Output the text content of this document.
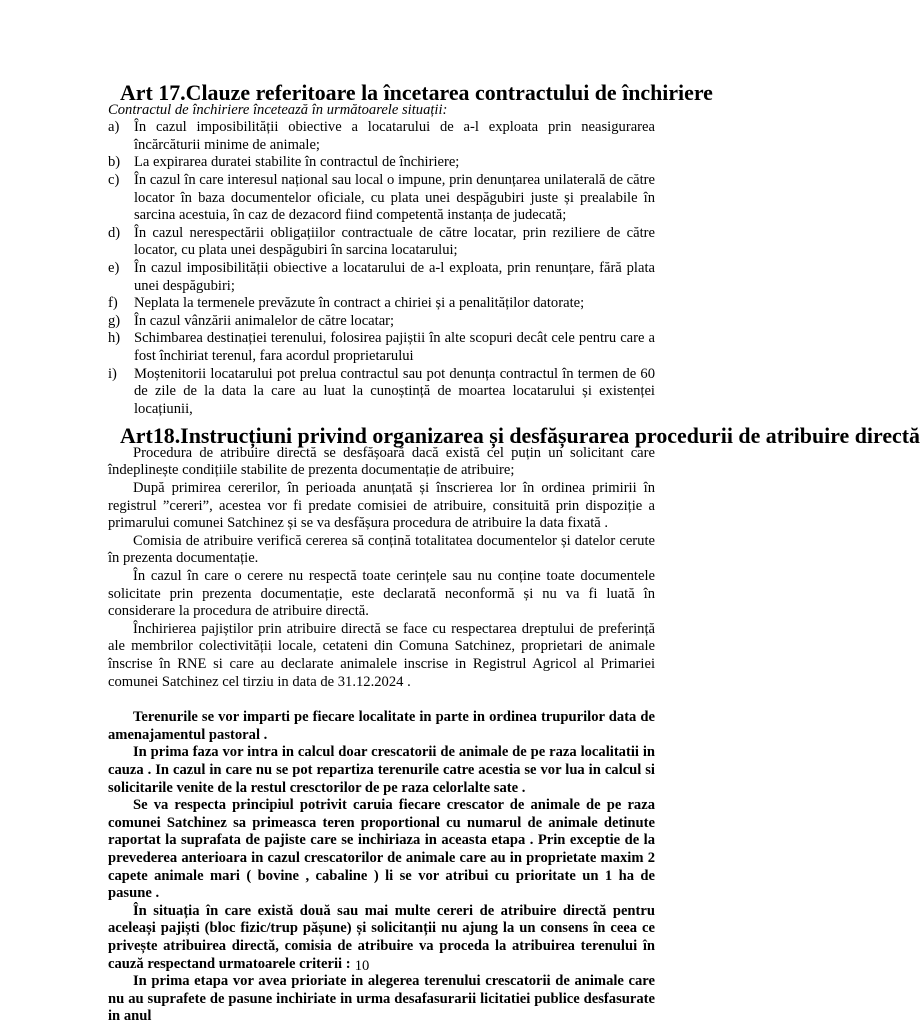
Art 17.Clauze referitoare la încetarea contractului de închiriere
Contractul de închiriere încetează în următoarele situații:
a) În cazul imposibilității obiective a locatarului de a-l exploata prin neasigurarea încărcăturii minime de animale;
b) La expirarea duratei stabilite în contractul de închiriere;
c) În cazul în care interesul național sau local o impune, prin denunțarea unilaterală de către locator în baza documentelor oficiale, cu plata unei despăgubiri juste și prealabile în sarcina acestuia, în caz de dezacord fiind competentă instanța de judecată;
d) În cazul nerespectării obligațiilor contractuale de către locatar, prin reziliere de către locator, cu plata unei despăgubiri în sarcina locatarului;
e) În cazul imposibilității obiective a locatarului de a-l exploata, prin renunțare, fără plata unei despăgubiri;
f) Neplata la termenele prevăzute în contract a chiriei și a penalităților datorate;
g) În cazul vânzării animalelor de către locatar;
h) Schimbarea destinației terenului, folosirea pajiștii în alte scopuri decât cele pentru care a fost închiriat terenul, fara acordul proprietarului
i) Moștenitorii locatarului pot prelua contractul sau pot denunța contractul în termen de 60 de zile de la data la care au luat la cunoștință de moartea locatarului și existenței locațiunii,
Art18.Instrucțiuni privind organizarea și desfășurarea procedurii de atribuire directă

Procedura de atribuire directă se desfășoară dacă există cel puțin un solicitant care îndeplinește condițiile stabilite de prezenta documentație de atribuire;

După primirea cererilor, în perioada anunțată și înscrierea lor în ordinea primirii în registrul ”cereri”, acestea vor fi predate comisiei de atribuire, consituită prin dispoziție a primarului comunei Satchinez și se va desfășura procedura de atribuire la data fixată .

Comisia de atribuire verifică cererea să conțină totalitatea documentelor și datelor cerute în prezenta documentație.

În cazul în care o cerere nu respectă toate cerințele sau nu conține toate documentele solicitate prin prezenta documentație, este declarată neconformă și nu va fi luată în considerare la procedura de atribuire directă.

Închirierea pajiștilor prin atribuire directă se face cu respectarea dreptului de preferință ale membrilor colectivității locale, cetateni din Comuna Satchinez, proprietari de animale înscrise în RNE si care au declarate animalele inscrise in Registrul Agricol al Primariei comunei Satchinez cel tirziu in data de 31.12.2024 .

Terenurile se vor imparti pe fiecare localitate in parte in ordinea trupurilor data de amenajamentul pastoral .

In prima faza vor intra in calcul doar crescatorii de animale de pe raza localitatii in cauza . In cazul in care nu se pot repartiza terenurile catre acestia se vor lua in calcul si solicitarile venite de la restul cresctorilor de pe raza celorlalte sate .

Se va respecta principiul potrivit caruia fiecare crescator de animale de pe raza comunei Satchinez sa primeasca teren proportional cu numarul de animale detinute raportat la suprafata de pajiste care se inchiriaza in aceasta etapa . Prin exceptie de la prevederea anterioara in cazul crescatorilor de animale care au in proprietate maxim 2 capete animale mari ( bovine , cabaline ) li se vor atribui cu prioritate un 1 ha de pasune .

În situația în care există două sau mai multe cereri de atribuire directă pentru aceleași pajiști (bloc fizic/trup pășune) și solicitanții nu ajung la un consens în ceea ce privește atribuirea directă, comisia de atribuire va proceda la atribuirea terenului în cauză respectand urmatoarele criterii :

In prima etapa vor avea prioriate in alegerea terenului crescatorii de animale care nu au suprafete de pasune inchiriate in urma desafasurarii licitatiei publice desfasurate in anul

10
